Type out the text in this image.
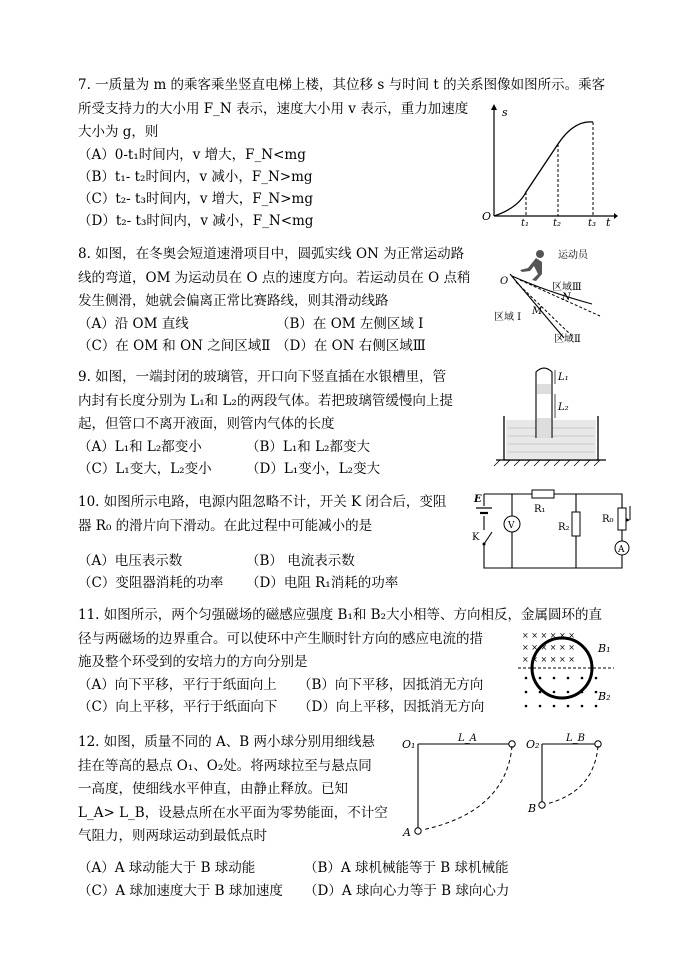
7. 一质量为 m 的乘客乘坐竖直电梯上楼，其位移 s 与时间 t 的关系图像如图所示。乘客

所受支持力的大小用 F_N 表示，速度大小用 v 表示，重力加速度

大小为 g，则

（A）0-t₁时间内，v 增大，F_N<mg
（B）t₁- t₂时间内，v 减小，F_N>mg
（C）t₂- t₃时间内，v 增大，F_N>mg
（D）t₂- t₃时间内，v 减小，F_N<mg
s
O	t
t₁ t₂	t₃

8. 如图，在冬奥会短道速滑项目中，圆弧实线 ON 为正常运动路

线的弯道，OM 为运动员在 O 点的速度方向。若运动员在 O 点稍

发生侧滑，她就会偏离正常比赛路线，则其滑动线路

（A）沿 OM 直线	（B）在 OM 左侧区域 I
（C）在 OM 和 ON 之间区域Ⅱ （D）在 ON 右侧区域Ⅲ
运动员
O
N
M
区域Ⅲ
区域 I
区域Ⅱ

9. 如图，一端封闭的玻璃管，开口向下竖直插在水银槽里，管

内封有长度分别为 L₁和 L₂的两段气体。若把玻璃管缓慢向上提

起，但管口不离开液面，则管内气体的长度

（A）L₁和 L₂都变小	（B）L₁和 L₂都变大
（C）L₁变大，L₂变小	（D）L₁变小，L₂变大
L₁
L₂

10. 如图所示电路，电源内阻忽略不计，开关 K 闭合后，变阻

器 R₀ 的滑片向下滑动。在此过程中可能减小的是

（A）电压表示数	（B） 电流表示数
（C）变阻器消耗的功率 （D）电阻 R₁消耗的功率
R₁
R₂
R₀
A
V
E
K

11. 如图所示，两个匀强磁场的磁感应强度 B₁和 B₂大小相等、方向相反，金属圆环的直

径与两磁场的边界重合。可以使环中产生顺时针方向的感应电流的措

施及整个环受到的安培力的方向分别是

（A）向下平移，平行于纸面向上 （B）向下平移，因抵消无方向
（C）向上平移，平行于纸面向下 （D）向上平移，因抵消无方向
× × × × × ×
× × × × × ×
× × × × × ×
B₁
B₂

12. 如图，质量不同的 A、B 两小球分别用细线悬

挂在等高的悬点 O₁、O₂处。将两球拉至与悬点同

一高度，使细线水平伸直，由静止释放。已知

L_A> L_B，设悬点所在水平面为零势能面，不计空

气阻力，则两球运动到最低点时

（A）A 球动能大于 B 球动能	（B）A 球机械能等于 B 球机械能
（C）A 球加速度大于 B 球加速度 （D）A 球向心力等于 B 球向心力
O₁	L_A
A
O₂	L_B
B
